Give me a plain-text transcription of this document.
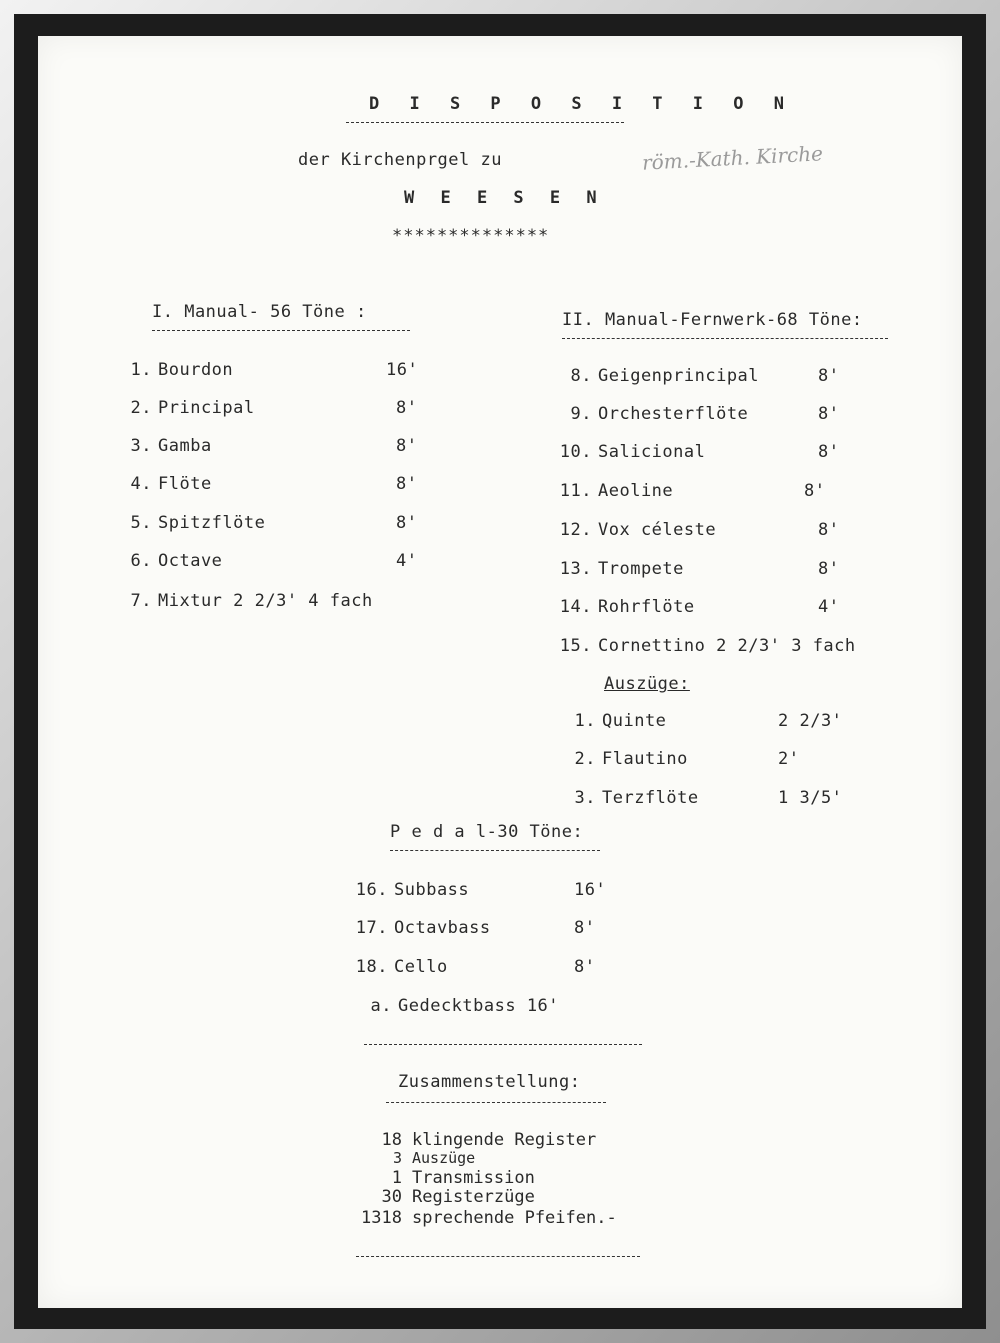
D I S P O S I T I O N
der Kirchenprgel zu	röm.-Kath. Kirche
W E E S E N
**************
I. Manual- 56 Töne :
1. Bourdon	16'
2. Principal	8'
3. Gamba	8'
4. Flöte	8'
5. Spitzflöte	8'
6. Octave	4'
7. Mixtur 2 2/3' 4 fach
II. Manual-Fernwerk-68 Töne:
8. Geigenprincipal	8'
9. Orchesterflöte	8'
10. Salicional	8'
11. Aeoline	8'
12. Vox céleste	8'
13. Trompete	8'
14. Rohrflöte	4'
15. Cornettino 2 2/3' 3 fach
Auszüge:
1. Quinte	2 2/3'
2. Flautino	2'
3. Terzflöte	1 3/5'
P e d a l-30 Töne:
16. Subbass	16'
17. Octavbass	8'
18. Cello	8'
a. Gedecktbass 16'
Zusammenstellung:
18 klingende Register
3 Auszüge
1 Transmission
30 Registerzüge
1318 sprechende Pfeifen.-
